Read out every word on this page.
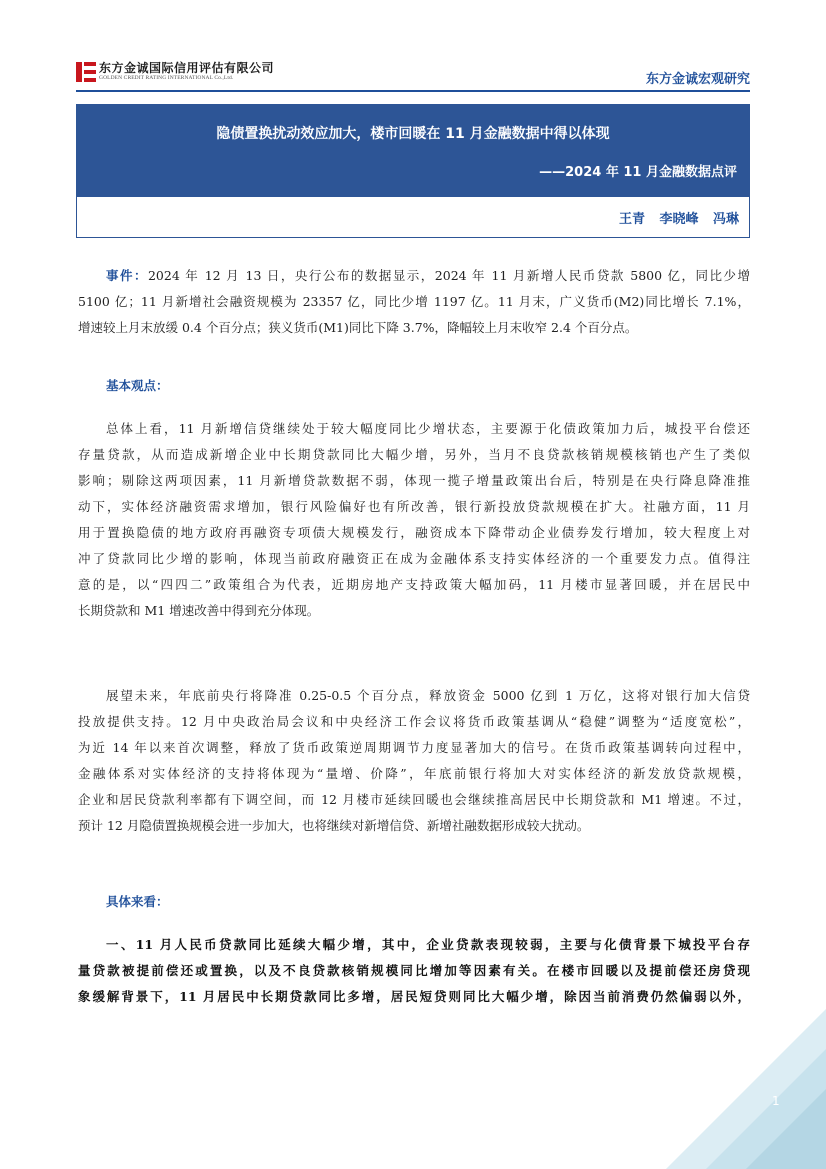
东方金诚国际信用评估有限公司
GOLDEN CREDIT RATING INTERNATIONAL Co.,Ltd.	东方金诚宏观研究
隐债置换扰动效应加大，楼市回暖在 11 月金融数据中得以体现
——2024 年 11 月金融数据点评
王青 李晓峰 冯琳
事件：2024 年 12 月 13 日，央行公布的数据显示，2024 年 11 月新增人民币贷款 5800 亿，同比少增
5100 亿；11 月新增社会融资规模为 23357 亿，同比少增 1197 亿。11 月末，广义货币(M2)同比增长 7.1%，
增速较上月末放缓 0.4 个百分点；狭义货币(M1)同比下降 3.7%，降幅较上月末收窄 2.4 个百分点。
基本观点：
总体上看，11 月新增信贷继续处于较大幅度同比少增状态，主要源于化债政策加力后，城投平台偿还
存量贷款，从而造成新增企业中长期贷款同比大幅少增，另外，当月不良贷款核销规模核销也产生了类似
影响；剔除这两项因素，11 月新增贷款数据不弱，体现一揽子增量政策出台后，特别是在央行降息降准推
动下，实体经济融资需求增加，银行风险偏好也有所改善，银行新投放贷款规模在扩大。社融方面，11 月
用于置换隐债的地方政府再融资专项债大规模发行，融资成本下降带动企业债券发行增加，较大程度上对
冲了贷款同比少增的影响，体现当前政府融资正在成为金融体系支持实体经济的一个重要发力点。值得注
意的是，以“四四二”政策组合为代表，近期房地产支持政策大幅加码，11 月楼市显著回暖，并在居民中
长期贷款和 M1 增速改善中得到充分体现。
展望未来，年底前央行将降准 0.25-0.5 个百分点，释放资金 5000 亿到 1 万亿，这将对银行加大信贷
投放提供支持。12 月中央政治局会议和中央经济工作会议将货币政策基调从“稳健”调整为“适度宽松”，
为近 14 年以来首次调整，释放了货币政策逆周期调节力度显著加大的信号。在货币政策基调转向过程中，
金融体系对实体经济的支持将体现为“量增、价降”，年底前银行将加大对实体经济的新发放贷款规模，
企业和居民贷款利率都有下调空间，而 12 月楼市延续回暖也会继续推高居民中长期贷款和 M1 增速。不过，
预计 12 月隐债置换规模会进一步加大，也将继续对新增信贷、新增社融数据形成较大扰动。
具体来看：
一、11 月人民币贷款同比延续大幅少增，其中，企业贷款表现较弱，主要与化债背景下城投平台存
量贷款被提前偿还或置换，以及不良贷款核销规模同比增加等因素有关。在楼市回暖以及提前偿还房贷现
象缓解背景下，11 月居民中长期贷款同比多增，居民短贷则同比大幅少增，除因当前消费仍然偏弱以外，
1
